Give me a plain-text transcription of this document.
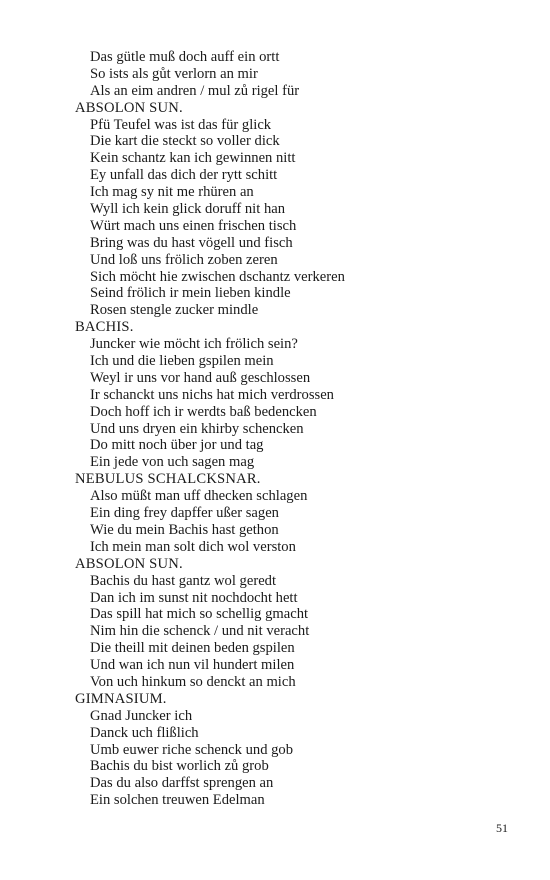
Das gütle muß doch auff ein ortt
So ists als gůt verlorn an mir
Als an eim andren / mul zů rigel für
ABSOLON SUN.
Pfü Teufel was ist das für glick
Die kart die steckt so voller dick
Kein schantz kan ich gewinnen nitt
Ey unfall das dich der rytt schitt
Ich mag sy nit me rhüren an
Wyll ich kein glick doruff nit han
Würt mach uns einen frischen tisch
Bring was du hast vögell und fisch
Und loß uns frölich zoben zeren
Sich möcht hie zwischen dschantz verkeren
Seind frölich ir mein lieben kindle
Rosen stengle zucker mindle
BACHIS.
Juncker wie möcht ich frölich sein?
Ich und die lieben gspilen mein
Weyl ir uns vor hand auß geschlossen
Ir schanckt uns nichs hat mich verdrossen
Doch hoff ich ir werdts baß bedencken
Und uns dryen ein khirby schencken
Do mitt noch über jor und tag
Ein jede von uch sagen mag
NEBULUS SCHALCKSNAR.
Also müßt man uff dhecken schlagen
Ein ding frey dapffer ußer sagen
Wie du mein Bachis hast gethon
Ich mein man solt dich wol verston
ABSOLON SUN.
Bachis du hast gantz wol geredt
Dan ich im sunst nit nochdocht hett
Das spill hat mich so schellig gmacht
Nim hin die schenck / und nit veracht
Die theill mit deinen beden gspilen
Und wan ich nun vil hundert milen
Von uch hinkum so denckt an mich
GIMNASIUM.
Gnad Juncker ich
Danck uch flißlich
Umb euwer riche schenck und gob
Bachis du bist worlich zů grob
Das du also darffst sprengen an
Ein solchen treuwen Edelman
51
